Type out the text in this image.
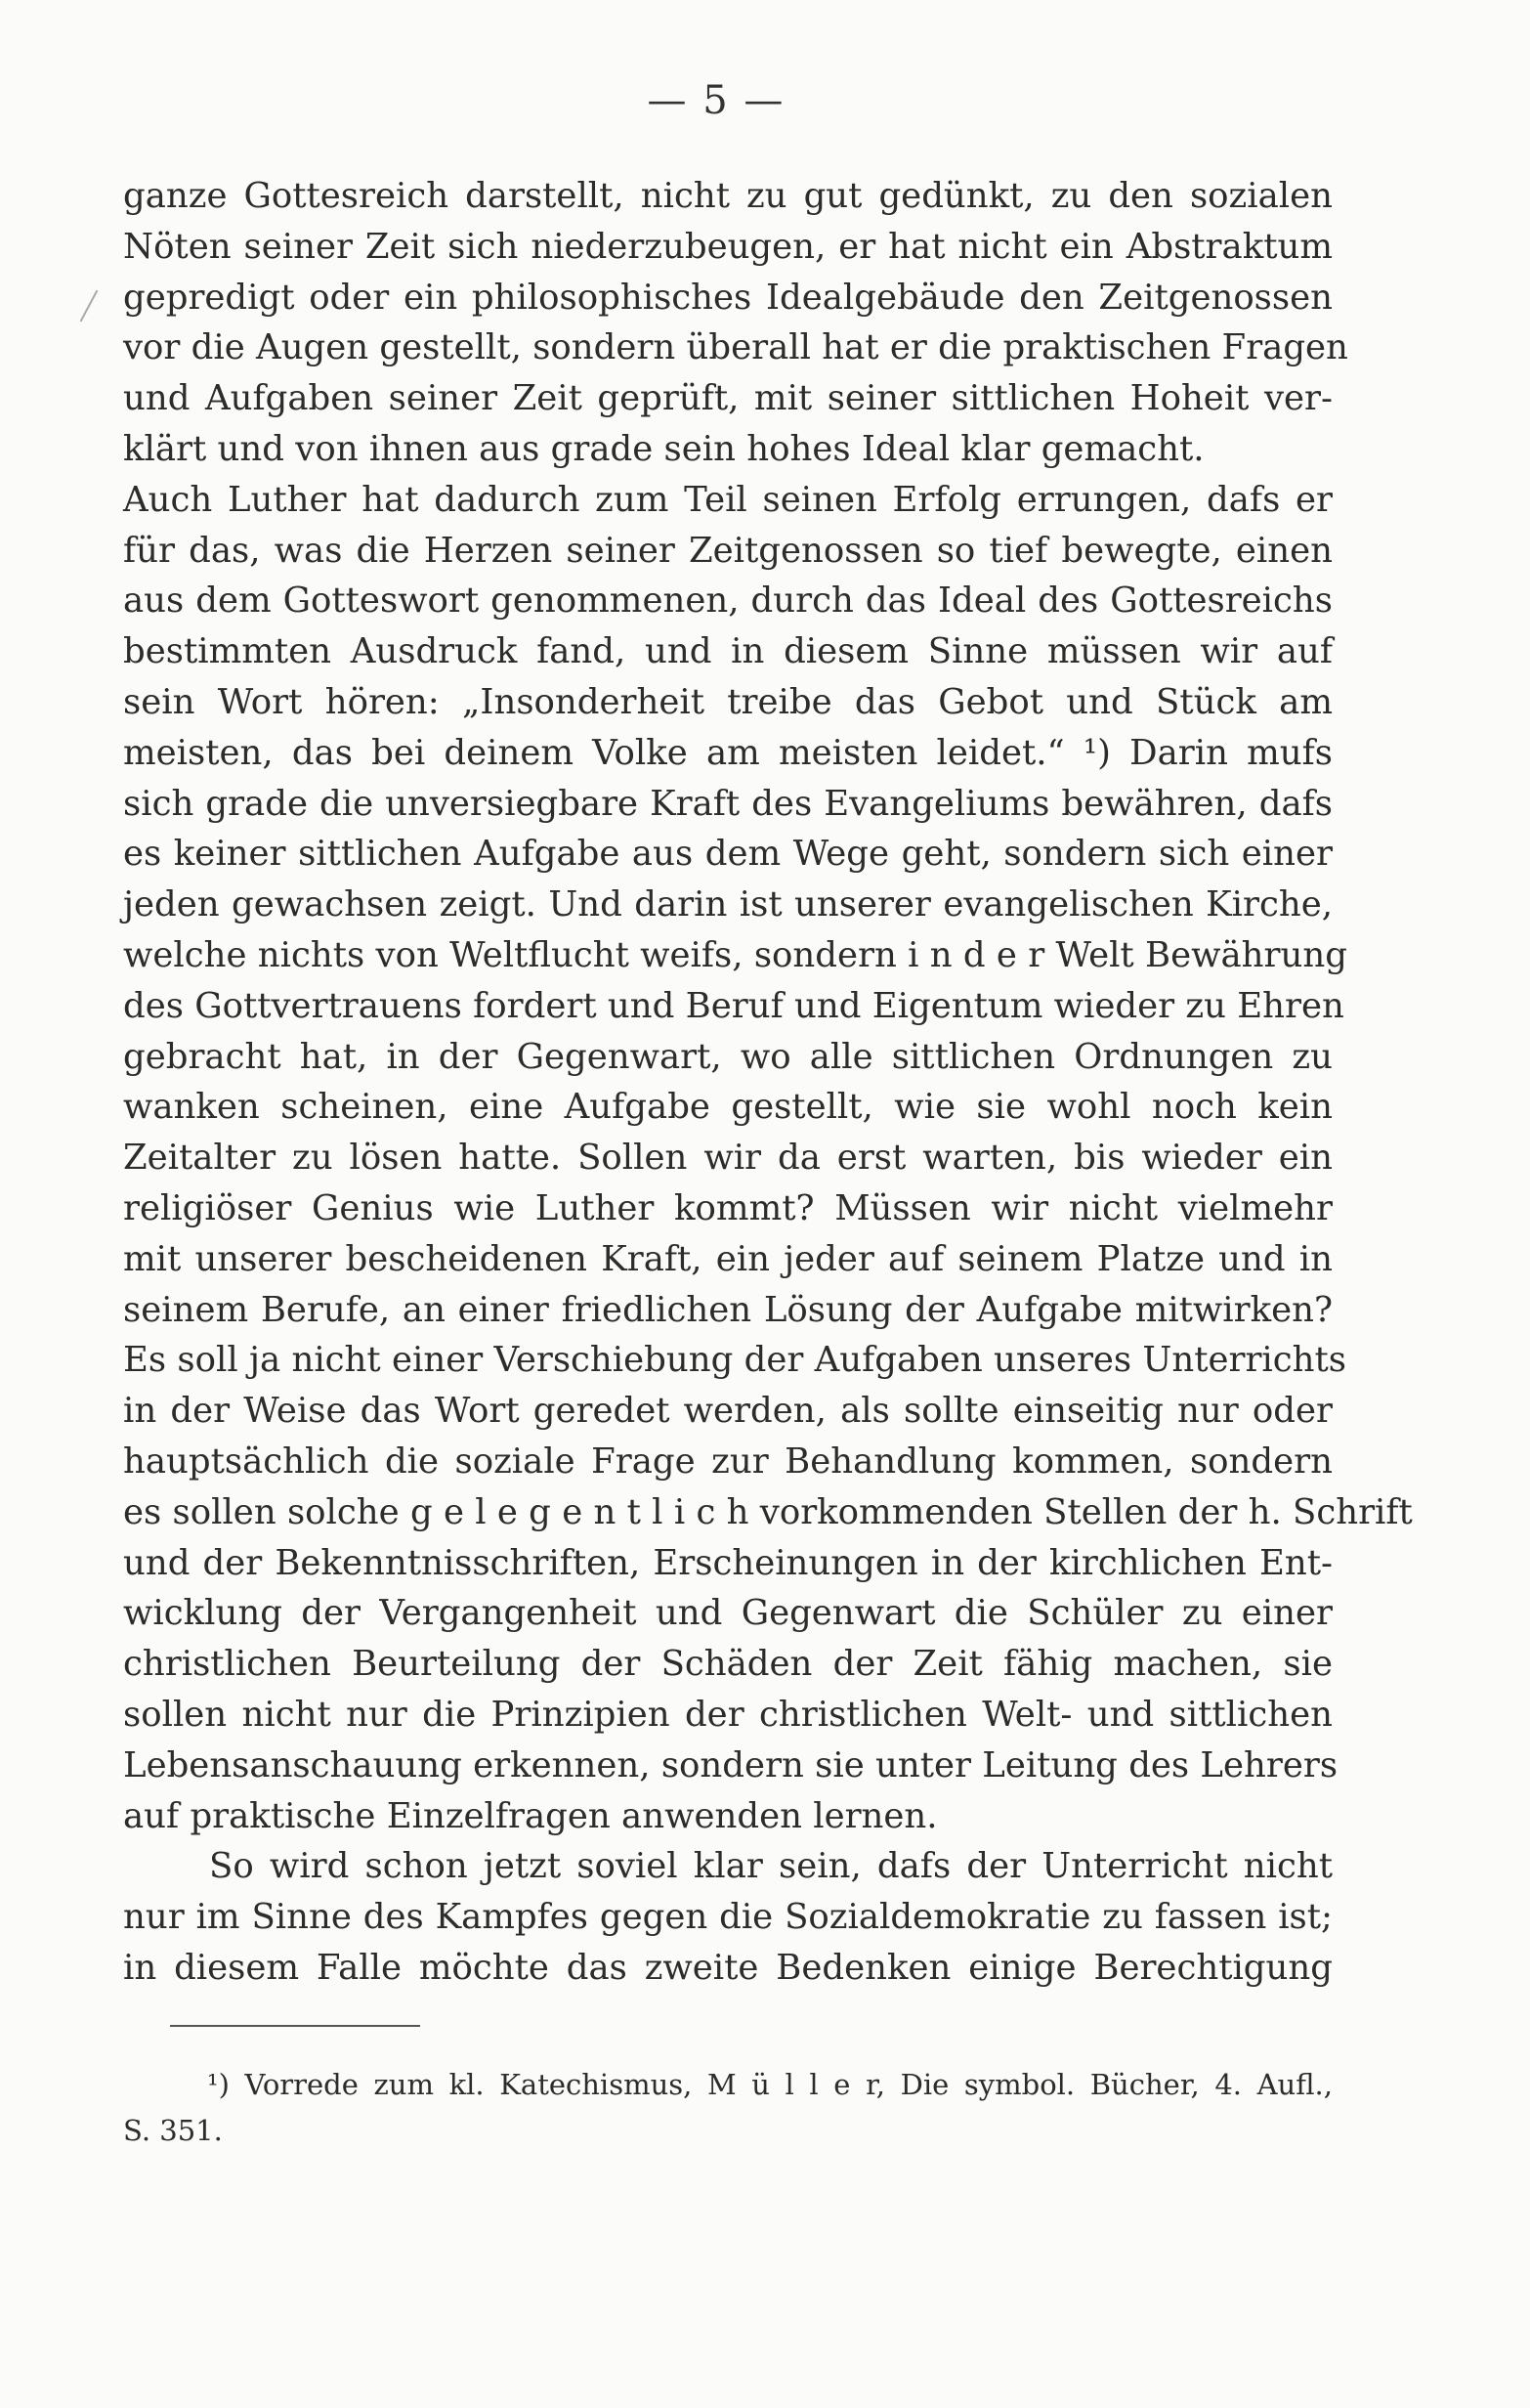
— 5 —
ganze Gottesreich darstellt, nicht zu gut gedünkt, zu den sozialen
Nöten seiner Zeit sich niederzubeugen, er hat nicht ein Abstraktum
gepredigt oder ein philosophisches Idealgebäude den Zeitgenossen
vor die Augen gestellt, sondern überall hat er die praktischen Fragen
und Aufgaben seiner Zeit geprüft, mit seiner sittlichen Hoheit ver-
klärt und von ihnen aus grade sein hohes Ideal klar gemacht.
Auch Luther hat dadurch zum Teil seinen Erfolg errungen, dafs er
für das, was die Herzen seiner Zeitgenossen so tief bewegte, einen
aus dem Gotteswort genommenen, durch das Ideal des Gottesreichs
bestimmten Ausdruck fand, und in diesem Sinne müssen wir auf
sein Wort hören: „Insonderheit treibe das Gebot und Stück am
meisten, das bei deinem Volke am meisten leidet.“ ¹) Darin mufs
sich grade die unversiegbare Kraft des Evangeliums bewähren, dafs
es keiner sittlichen Aufgabe aus dem Wege geht, sondern sich einer
jeden gewachsen zeigt. Und darin ist unserer evangelischen Kirche,
welche nichts von Weltflucht weifs, sondern i n d e r Welt Bewährung
des Gottvertrauens fordert und Beruf und Eigentum wieder zu Ehren
gebracht hat, in der Gegenwart, wo alle sittlichen Ordnungen zu
wanken scheinen, eine Aufgabe gestellt, wie sie wohl noch kein
Zeitalter zu lösen hatte. Sollen wir da erst warten, bis wieder ein
religiöser Genius wie Luther kommt? Müssen wir nicht vielmehr
mit unserer bescheidenen Kraft, ein jeder auf seinem Platze und in
seinem Berufe, an einer friedlichen Lösung der Aufgabe mitwirken?
Es soll ja nicht einer Verschiebung der Aufgaben unseres Unterrichts
in der Weise das Wort geredet werden, als sollte einseitig nur oder
hauptsächlich die soziale Frage zur Behandlung kommen, sondern
es sollen solche g e l e g e n t l i c h vorkommenden Stellen der h. Schrift
und der Bekenntnisschriften, Erscheinungen in der kirchlichen Ent-
wicklung der Vergangenheit und Gegenwart die Schüler zu einer
christlichen Beurteilung der Schäden der Zeit fähig machen, sie
sollen nicht nur die Prinzipien der christlichen Welt- und sittlichen
Lebensanschauung erkennen, sondern sie unter Leitung des Lehrers
auf praktische Einzelfragen anwenden lernen.
So wird schon jetzt soviel klar sein, dafs der Unterricht nicht
nur im Sinne des Kampfes gegen die Sozialdemokratie zu fassen ist;
in diesem Falle möchte das zweite Bedenken einige Berechtigung
¹) Vorrede zum kl. Katechismus, M ü l l e r, Die symbol. Bücher, 4. Aufl.,
S. 351.
